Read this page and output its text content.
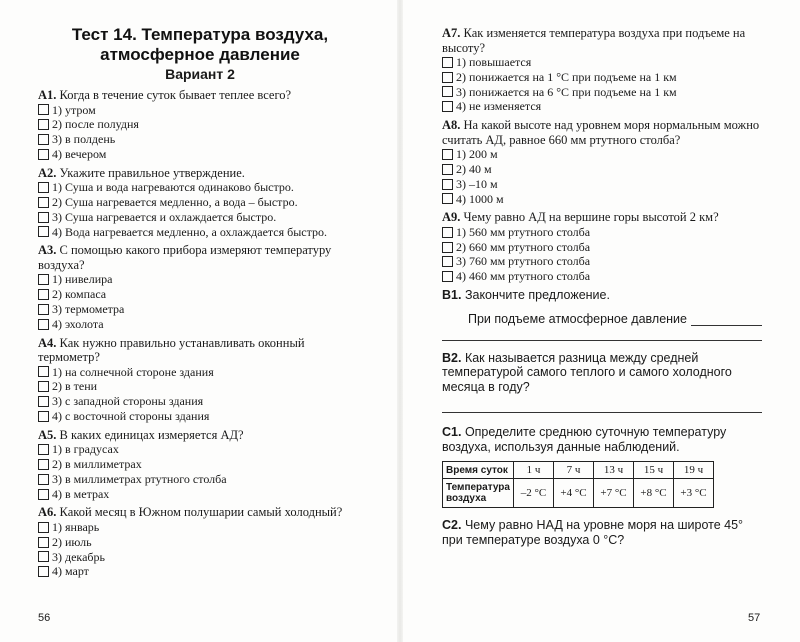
Тест 14. Температура воздуха, атмосферное давление
Вариант 2

A1. Когда в течение суток бывает теплее всего?

1) утром
2) после полудня
3) в полдень
4) вечером

A2. Укажите правильное утверждение.

1) Суша и вода нагреваются одинаково быстро.
2) Суша нагревается медленно, а вода – быстро.
3) Суша нагревается и охлаждается быстро.
4) Вода нагревается медленно, а охлаждается быстро.

A3. С помощью какого прибора измеряют температуру воздуха?

1) нивелира
2) компаса
3) термометра
4) эхолота

A4. Как нужно правильно устанавливать оконный термометр?

1) на солнечной стороне здания
2) в тени
3) с западной стороны здания
4) с восточной стороны здания

A5. В каких единицах измеряется АД?

1) в градусах
2) в миллиметрах
3) в миллиметрах ртутного столба
4) в метрах

A6. Какой месяц в Южном полушарии самый холодный?

1) январь
2) июль
3) декабрь
4) март
56

A7. Как изменяется температура воздуха при подъеме на высоту?

1) повышается
2) понижается на 1 °С при подъеме на 1 км
3) понижается на 6 °С при подъеме на 1 км
4) не изменяется

A8. На какой высоте над уровнем моря нормальным можно считать АД, равное 660 мм ртутного столба?

1) 200 м
2) 40 м
3) –10 м
4) 1000 м

A9. Чему равно АД на вершине горы высотой 2 км?

1) 560 мм ртутного столба
2) 660 мм ртутного столба
3) 760 мм ртутного столба
4) 460 мм ртутного столба

B1. Закончите предложение.

При подъеме атмосферное давление

B2. Как называется разница между средней температурой самого теплого и самого холодного месяца в году?

C1. Определите среднюю суточную температуру воздуха, используя данные наблюдений.

Время суток	1 ч	7 ч	13 ч	15 ч	19 ч
Температура воздуха	–2 °С	+4 °С	+7 °С	+8 °С	+3 °С

C2. Чему равно НАД на уровне моря на широте 45° при температуре воздуха 0 °С?

57
